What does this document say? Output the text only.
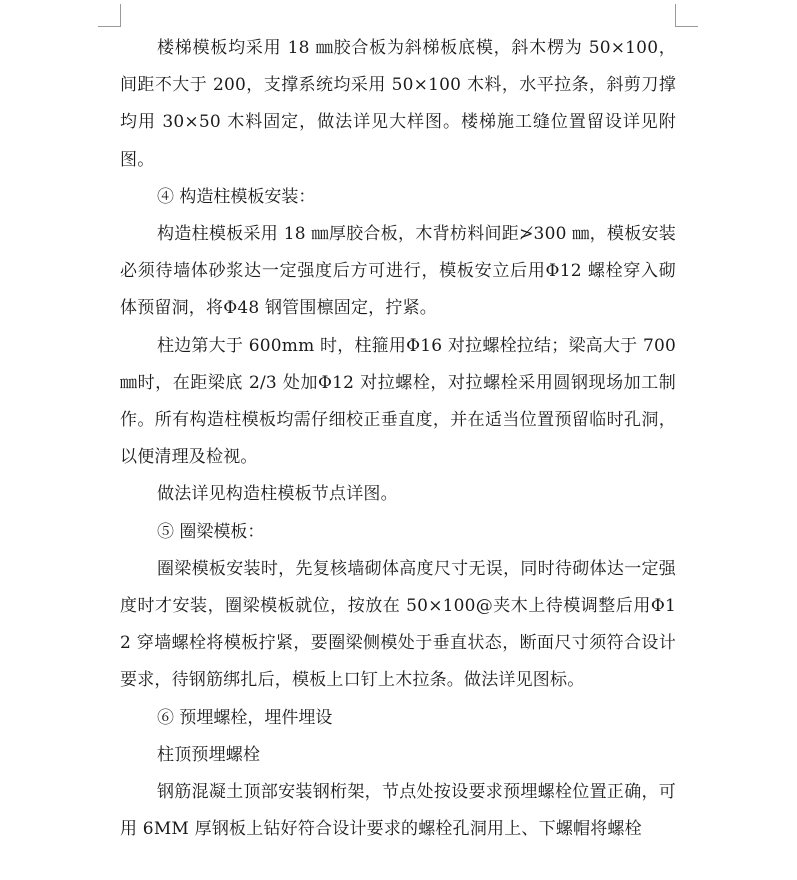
楼梯模板均采用 18 ㎜胶合板为斜梯板底模，斜木楞为 50×100，间距不大于 200，支撑系统均采用 50×100 木料，水平拉条，斜剪刀撑均用 30×50 木料固定，做法详见大样图。楼梯施工缝位置留设详见附图。

④ 构造柱模板安装：

构造柱模板采用 18 ㎜厚胶合板，木背枋料间距≯300 ㎜，模板安装必须待墙体砂浆达一定强度后方可进行，模板安立后用Φ12 螺栓穿入砌体预留洞，将Φ48 钢管围檩固定，拧紧。

柱边第大于 600mm 时，柱箍用Φ16 对拉螺栓拉结；梁高大于 700㎜时，在距梁底 2/3 处加Φ12 对拉螺栓，对拉螺栓采用圆钢现场加工制作。所有构造柱模板均需仔细校正垂直度，并在适当位置预留临时孔洞，以便清理及检视。

做法详见构造柱模板节点详图。

⑤ 圈梁模板：

圈梁模板安装时，先复核墙砌体高度尺寸无误，同时待砌体达一定强度时才安装，圈梁模板就位，按放在 50×100@夹木上待模调整后用Φ12 穿墙螺栓将模板拧紧，要圈梁侧模处于垂直状态，断面尺寸须符合设计要求，待钢筋绑扎后，模板上口钉上木拉条。做法详见图标。

⑥ 预埋螺栓，埋件埋设

柱顶预埋螺栓

钢筋混凝土顶部安装钢桁架，节点处按设要求预埋螺栓位置正确，可用 6MM 厚钢板上钻好符合设计要求的螺栓孔洞用上、下螺帽将螺栓
